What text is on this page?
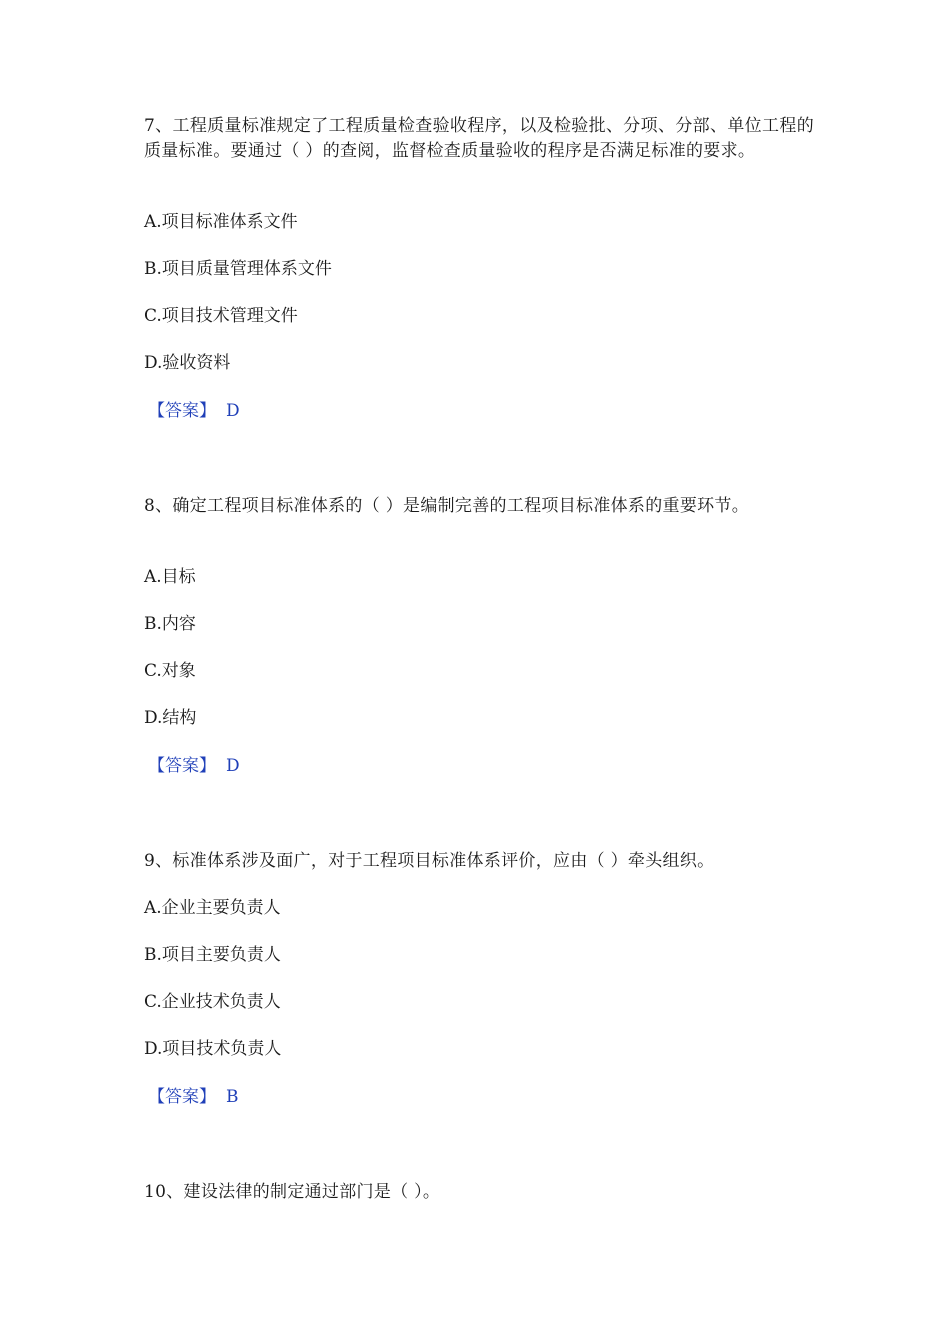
7、工程质量标准规定了工程质量检查验收程序，以及检验批、分项、分部、单位工程的质量标准。要通过（ ）的查阅，监督检查质量验收的程序是否满足标准的要求。

A.项目标准体系文件

B.项目质量管理体系文件

C.项目技术管理文件

D.验收资料

【答案】 D

8、确定工程项目标准体系的（ ）是编制完善的工程项目标准体系的重要环节。

A.目标

B.内容

C.对象

D.结构

【答案】 D

9、标准体系涉及面广，对于工程项目标准体系评价，应由（ ）牵头组织。

A.企业主要负责人

B.项目主要负责人

C.企业技术负责人

D.项目技术负责人

【答案】 B

10、建设法律的制定通过部门是（ ）。
